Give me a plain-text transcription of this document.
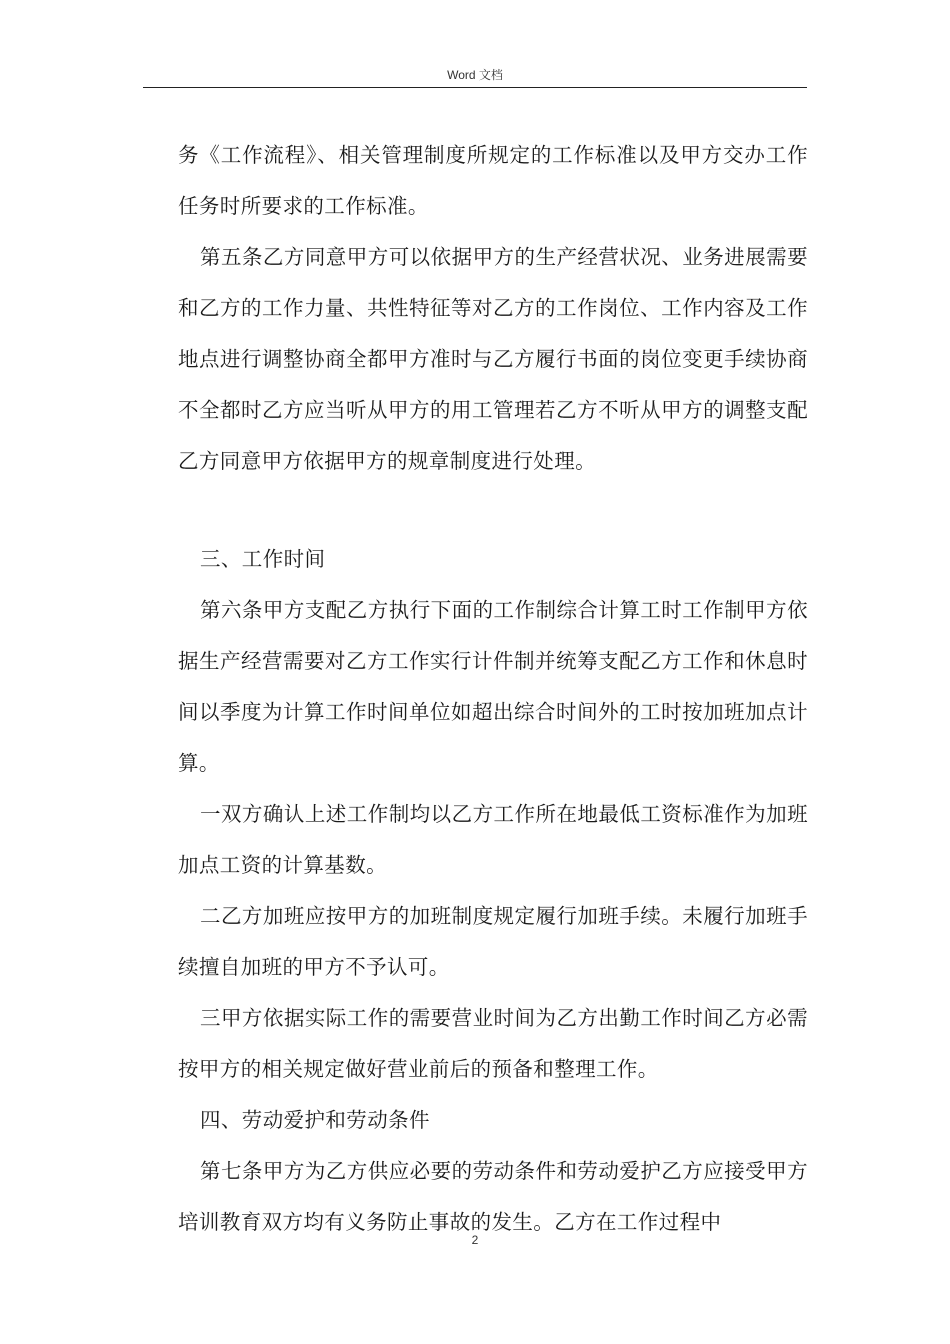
Word 文档

务《工作流程》、相关管理制度所规定的工作标准以及甲方交办工作任务时所要求的工作标准。

第五条乙方同意甲方可以依据甲方的生产经营状况、业务进展需要和乙方的工作力量、共性特征等对乙方的工作岗位、工作内容及工作地点进行调整协商全都甲方准时与乙方履行书面的岗位变更手续协商不全都时乙方应当听从甲方的用工管理若乙方不听从甲方的调整支配乙方同意甲方依据甲方的规章制度进行处理。

三、工作时间

第六条甲方支配乙方执行下面的工作制综合计算工时工作制甲方依据生产经营需要对乙方工作实行计件制并统筹支配乙方工作和休息时间以季度为计算工作时间单位如超出综合时间外的工时按加班加点计算。

一双方确认上述工作制均以乙方工作所在地最低工资标准作为加班加点工资的计算基数。

二乙方加班应按甲方的加班制度规定履行加班手续。未履行加班手续擅自加班的甲方不予认可。

三甲方依据实际工作的需要营业时间为乙方出勤工作时间乙方必需按甲方的相关规定做好营业前后的预备和整理工作。

四、劳动爱护和劳动条件

第七条甲方为乙方供应必要的劳动条件和劳动爱护乙方应接受甲方培训教育双方均有义务防止事故的发生。乙方在工作过程中

2
